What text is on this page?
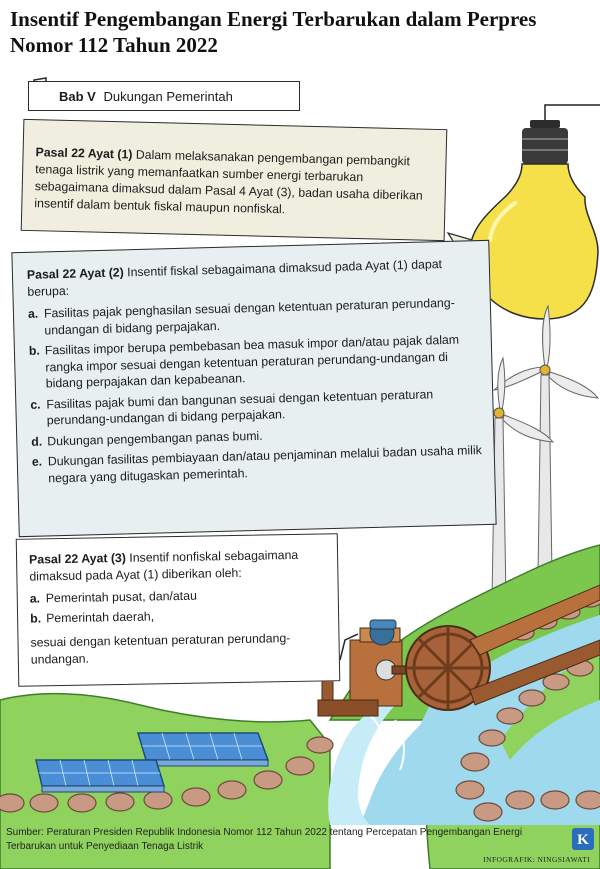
Insentif Pengembangan Energi Terbarukan dalam Perpres Nomor 112 Tahun 2022
Bab V Dukungan Pemerintah
Pasal 22 Ayat (1) Dalam melaksanakan pengembangan pembangkit tenaga listrik yang memanfaatkan sumber energi terbarukan sebagaimana dimaksud dalam Pasal 4 Ayat (3), badan usaha diberikan insentif dalam bentuk fiskal maupun nonfiskal.
Pasal 22 Ayat (2) Insentif fiskal sebagaimana dimaksud pada Ayat (1) dapat berupa:
a. Fasilitas pajak penghasilan sesuai dengan ketentuan peraturan perundang-undangan di bidang perpajakan.
b. Fasilitas impor berupa pembebasan bea masuk impor dan/atau pajak dalam rangka impor sesuai dengan ketentuan peraturan perundang-undangan di bidang perpajakan dan kepabeanan.
c. Fasilitas pajak bumi dan bangunan sesuai dengan ketentuan peraturan perundang-undangan di bidang perpajakan.
d. Dukungan pengembangan panas bumi.
e. Dukungan fasilitas pembiayaan dan/atau penjaminan melalui badan usaha milik negara yang ditugaskan pemerintah.
Pasal 22 Ayat (3) Insentif nonfiskal sebagaimana dimaksud pada Ayat (1) diberikan oleh:
a. Pemerintah pusat, dan/atau
b. Pemerintah daerah,
sesuai dengan ketentuan peraturan perundang-undangan.
Sumber: Peraturan Presiden Republik Indonesia Nomor 112 Tahun 2022 tentang Percepatan Pengembangan Energi Terbarukan untuk Penyediaan Tenaga Listrik	K
INFOGRAFIK: NINGSIAWATI
